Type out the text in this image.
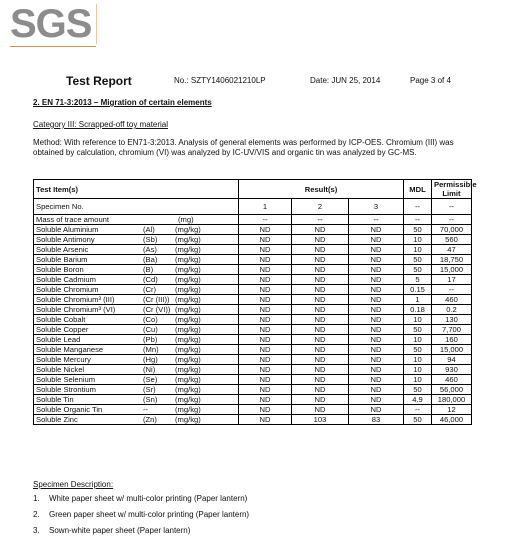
SGS
Test Report	No.: SZTY1406021210LP	Date: JUN 25, 2014	Page 3 of 4
2. EN 71-3:2013 – Migration of certain elements
Category III: Scrapped-off toy material
Method: With reference to EN71-3:2013. Analysis of general elements was performed by ICP-OES. Chromium (III) was obtained by calculation, chromium (VI) was analyzed by IC-UV/VIS and organic tin was analyzed by GC-MS.
Test Item(s)	Result(s)			MDL	Permissible Limit
Specimen No.	1	2	3	--	--
Mass of trace amount (mg)	--	--	--	--	--
Soluble Aluminium (Al) (mg/kg)	ND	ND	ND	50	70,000
Soluble Antimony (Sb) (mg/kg)	ND	ND	ND	10	560
Soluble Arsenic (As) (mg/kg)	ND	ND	ND	10	47
Soluble Barium (Ba) (mg/kg)	ND	ND	ND	50	18,750
Soluble Boron (B) (mg/kg)	ND	ND	ND	50	15,000
Soluble Cadmium (Cd) (mg/kg)	ND	ND	ND	5	17
Soluble Chromium (Cr) (mg/kg)	ND	ND	ND	0.15	--
Soluble Chromium³ (III) (Cr (III)) (mg/kg)	ND	ND	ND	1	460
Soluble Chromium³ (VI) (Cr (VI)) (mg/kg)	ND	ND	ND	0.18	0.2
Soluble Cobalt (Co) (mg/kg)	ND	ND	ND	10	130
Soluble Copper (Cu) (mg/kg)	ND	ND	ND	50	7,700
Soluble Lead (Pb) (mg/kg)	ND	ND	ND	10	160
Soluble Manganese (Mn) (mg/kg)	ND	ND	ND	50	15,000
Soluble Mercury (Hg) (mg/kg)	ND	ND	ND	10	94
Soluble Nickel (Ni) (mg/kg)	ND	ND	ND	10	930
Soluble Selenium (Se) (mg/kg)	ND	ND	ND	10	460
Soluble Strontium (Sr) (mg/kg)	ND	ND	ND	50	56,000
Soluble Tin (Sn) (mg/kg)	ND	ND	ND	4.9	180,000
Soluble Organic Tin -- (mg/kg)	ND	ND	ND	--	12
Soluble Zinc (Zn) (mg/kg)	ND	103	83	50	46,000
Specimen Description:
1. White paper sheet w/ multi-color printing (Paper lantern)
2. Green paper sheet w/ multi-color printing (Paper lantern)
3. Sown-white paper sheet (Paper lantern)
